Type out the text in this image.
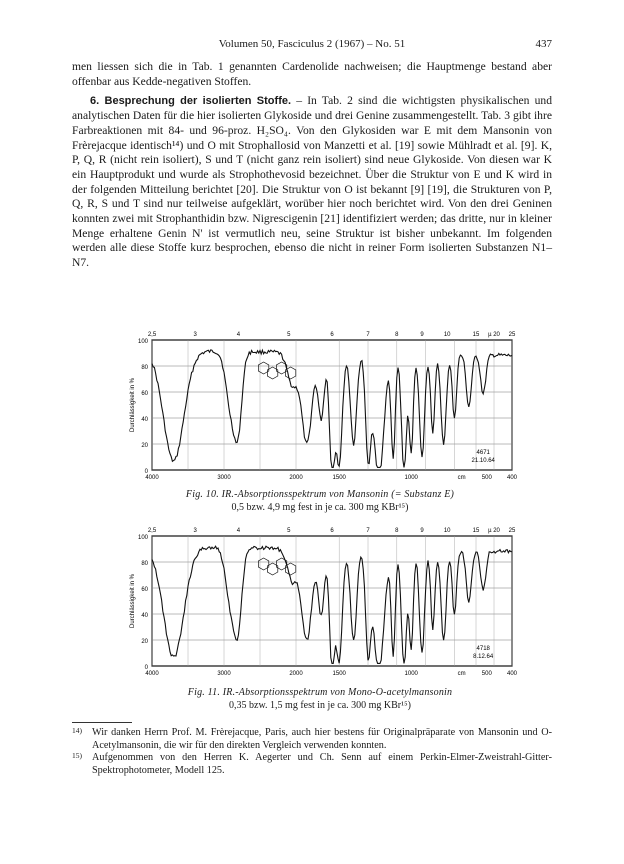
Volumen 50, Fasciculus 2 (1967) – No. 51	437

men liessen sich die in Tab. 1 genannten Cardenolide nachweisen; die Hauptmenge bestand aber offenbar aus Kedde-negativen Stoffen.

6. Besprechung der isolierten Stoffe. – In Tab. 2 sind die wichtigsten physikalischen und analytischen Daten für die hier isolierten Glykoside und drei Genine zusammengestellt. Tab. 3 gibt ihre Farbreaktionen mit 84- und 96-proz. H₂SO₄. Von den Glykosiden war E mit dem Mansonin von Frèrejacque identisch¹⁴) und O mit Strophallosid von Manzetti et al. [19] sowie Mühlradt et al. [9]. K, P, Q, R (nicht rein isoliert), S und T (nicht ganz rein isoliert) sind neue Glykoside. Von diesen war K ein Hauptprodukt und wurde als Strophothevosid bezeichnet. Über die Struktur von E und K wird in der folgenden Mitteilung berichtet [20]. Die Struktur von O ist bekannt [9] [19], die Strukturen von P, Q, R, S und T sind nur teilweise aufgeklärt, worüber hier noch berichtet wird. Von den drei Geninen konnten zwei mit Strophanthidin bzw. Nigrescigenin [21] identifiziert werden; das dritte, nur in kleiner Menge erhaltene Genin N' ist vermutlich neu, seine Struktur ist bisher unbekannt. Im folgenden werden alle diese Stoffe kurz besprochen, ebenso die nicht in reiner Form isolierten Substanzen N1–N7.

100
80
60
40
20
0
2,5	3	4	5	6	7	8	9	10	15 µ 20 25
4000	3000	2000	1500	1000	cm	500	400
Durchlässigkeit in %
4671
21.10.64
Fig. 10. IR.-Absorptionsspektrum von Mansonin (= Substanz E)
0,5 bzw. 4,9 mg fest in je ca. 300 mg KBr¹⁵)
100
80
60
40
20
0
2,5	3	4	5	6	7	8	9	10	15 µ 20 25
4000	3000	2000	1500	1000	cm	500	400
Durchlässigkeit in %
4718
8.12.64
Fig. 11. IR.-Absorptionsspektrum von Mono-O-acetylmansonin
0,35 bzw. 1,5 mg fest in je ca. 300 mg KBr¹⁵)
14) Wir danken Herrn Prof. M. Frèrejacque, Paris, auch hier bestens für Originalpräparate von Mansonin und O-Acetylmansonin, die wir für den direkten Vergleich verwenden konnten.
15) Aufgenommen von den Herren K. Aegerter und Ch. Senn auf einem Perkin-Elmer-Zweistrahl-Gitter-Spektrophotometer, Modell 125.
